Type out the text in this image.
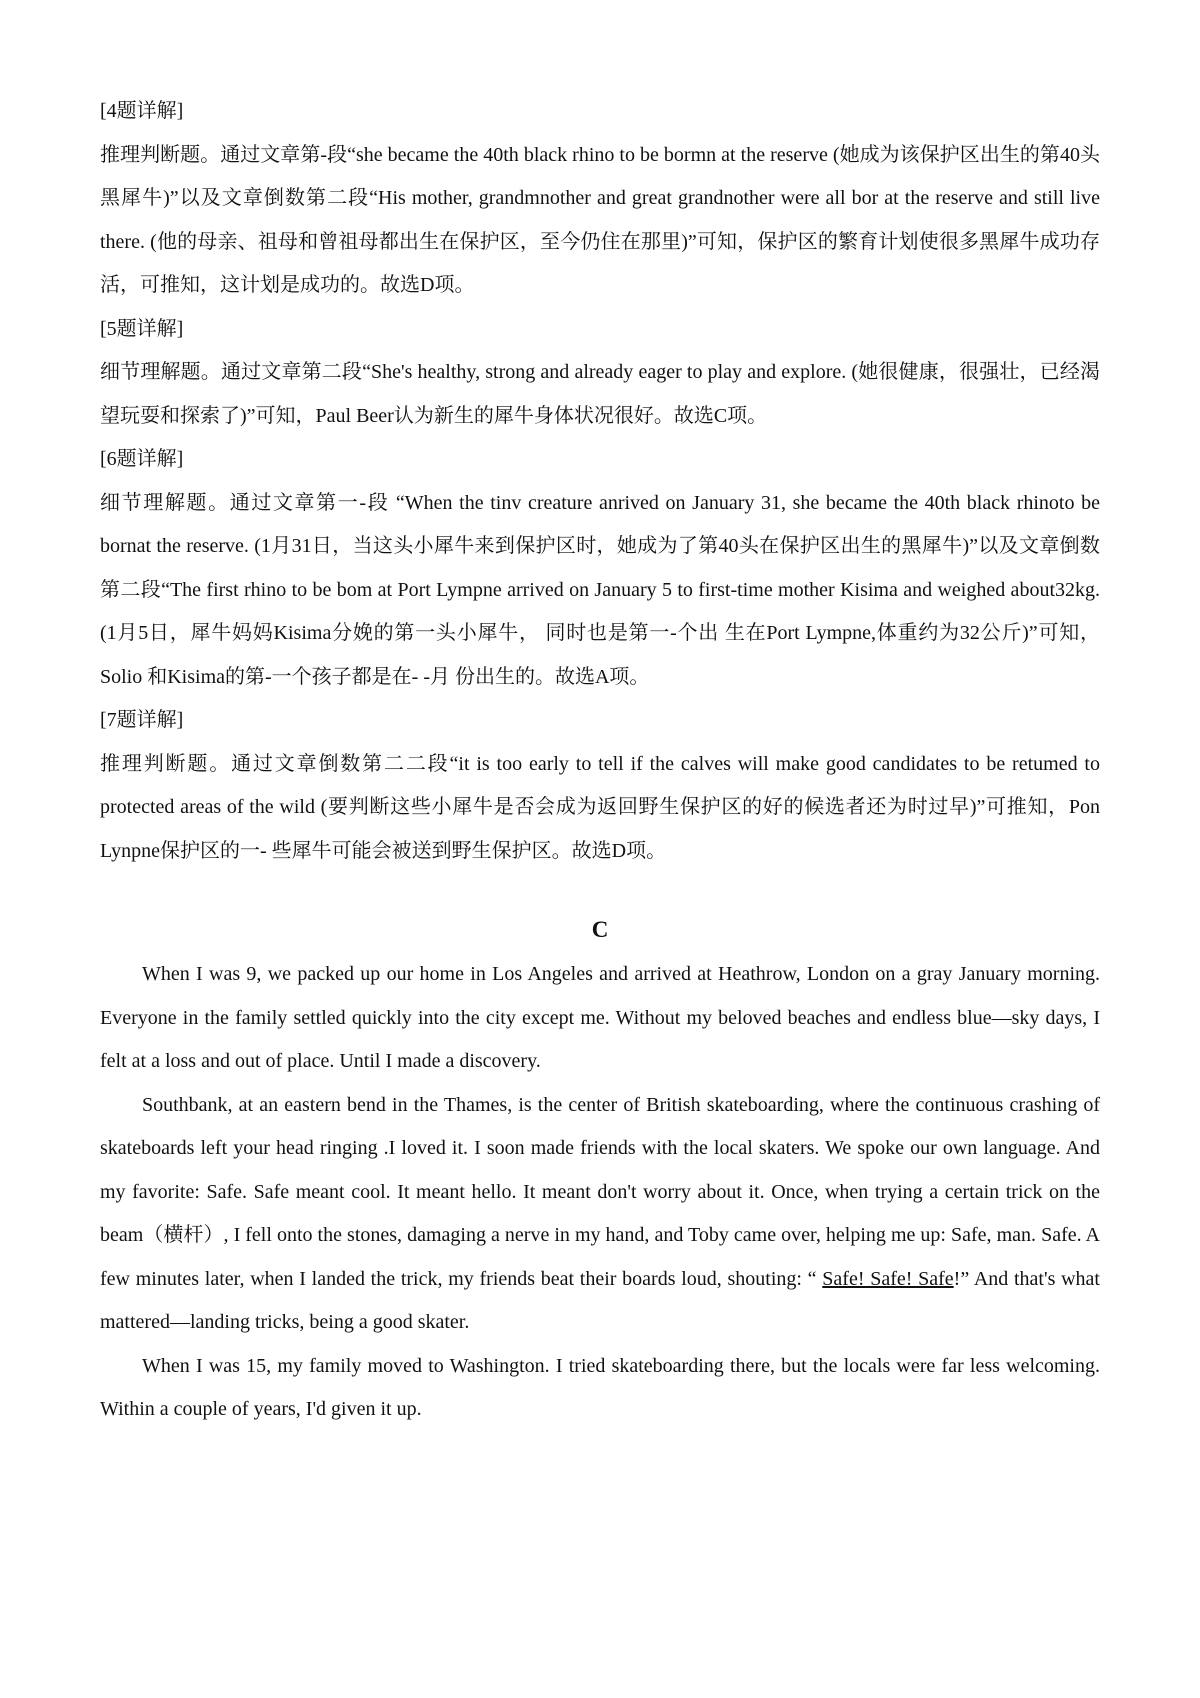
[4题详解]

推理判断题。通过文章第-段“she became the 40th black rhino to be bormn at the reserve (她成为该保护区出生的第40头黑犀牛)”以及文章倒数第二段“His mother, grandmnother and great grandnother were all bor at the reserve and still live there. (他的母亲、祖母和曾祖母都出生在保护区，至今仍住在那里)”可知，保护区的繁育计划使很多黑犀牛成功存活，可推知，这计划是成功的。故选D项。

[5题详解]

细节理解题。通过文章第二段“She's healthy, strong and already eager to play and explore. (她很健康，很强壮，已经渴望玩耍和探索了)”可知，Paul Beer认为新生的犀牛身体状况很好。故选C项。

[6题详解]

细节理解题。通过文章第一-段 “When the tinv creature anrived on January 31, she became the 40th black rhinoto be bornat the reserve. (1月31日，当这头小犀牛来到保护区时，她成为了第40头在保护区出生的黑犀牛)”以及文章倒数第二段“The first rhino to be bom at Port Lympne arrived on January 5 to first-time mother Kisima and weighed about32kg. (1月5日，犀牛妈妈Kisima分娩的第一头小犀牛， 同时也是第一-个出 生在Port Lympne,体重约为32公斤)”可知，Solio 和Kisima的第-一个孩子都是在- -月 份出生的。故选A项。

[7题详解]

推理判断题。通过文章倒数第二二段“it is too early to tell if the calves will make good candidates to be retumed to protected areas of the wild (要判断这些小犀牛是否会成为返回野生保护区的好的候选者还为时过早)”可推知，Pon Lynpne保护区的一- 些犀牛可能会被送到野生保护区。故选D项。

C

When I was 9, we packed up our home in Los Angeles and arrived at Heathrow, London on a gray January morning. Everyone in the family settled quickly into the city except me. Without my beloved beaches and endless blue—sky days, I felt at a loss and out of place. Until I made a discovery.

Southbank, at an eastern bend in the Thames, is the center of British skateboarding, where the continuous crashing of skateboards left your head ringing .I loved it. I soon made friends with the local skaters. We spoke our own language. And my favorite: Safe. Safe meant cool. It meant hello. It meant don't worry about it. Once, when trying a certain trick on the beam（横杆）, I fell onto the stones, damaging a nerve in my hand, and Toby came over, helping me up: Safe, man. Safe. A few minutes later, when I landed the trick, my friends beat their boards loud, shouting: “ Safe! Safe! Safe!” And that's what mattered—landing tricks, being a good skater.

When I was 15, my family moved to Washington. I tried skateboarding there, but the locals were far less welcoming. Within a couple of years, I'd given it up.
